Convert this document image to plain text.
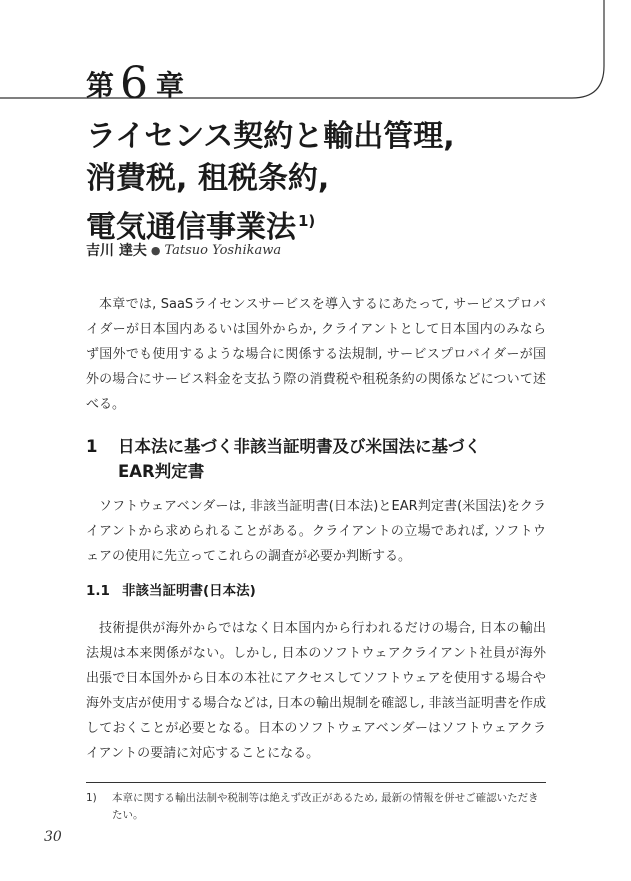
第 6 章
ライセンス契約と輸出管理,
消費税, 租税条約,
電気通信事業法 $^{1)}$
吉川 達夫 ● Tatsuo Yoshikawa

本章では, SaaSライセンスサービスを導入するにあたって, サービスプロバイダーが日本国内あるいは国外からか, クライアントとして日本国内のみならず国外でも使用するような場合に関係する法規制, サービスプロバイダーが国外の場合にサービス料金を支払う際の消費税や租税条約の関係などについて述べる。

1	日本法に基づく非該当証明書及び米国法に基づく
EAR判定書

ソフトウェアベンダーは, 非該当証明書(日本法)とEAR判定書(米国法)をクライアントから求められることがある。クライアントの立場であれば, ソフトウェアの使用に先立ってこれらの調査が必要か判断する。

1.1 非該当証明書(日本法)

技術提供が海外からではなく日本国内から行われるだけの場合, 日本の輸出法規は本来関係がない。しかし, 日本のソフトウェアクライアント社員が海外出張で日本国外から日本の本社にアクセスしてソフトウェアを使用する場合や海外支店が使用する場合などは, 日本の輸出規制を確認し, 非該当証明書を作成しておくことが必要となる。日本のソフトウェアベンダーはソフトウェアクライアントの要請に対応することになる。

1)	本章に関する輸出法制や税制等は絶えず改正があるため, 最新の情報を併せご確認いただきたい。
30
